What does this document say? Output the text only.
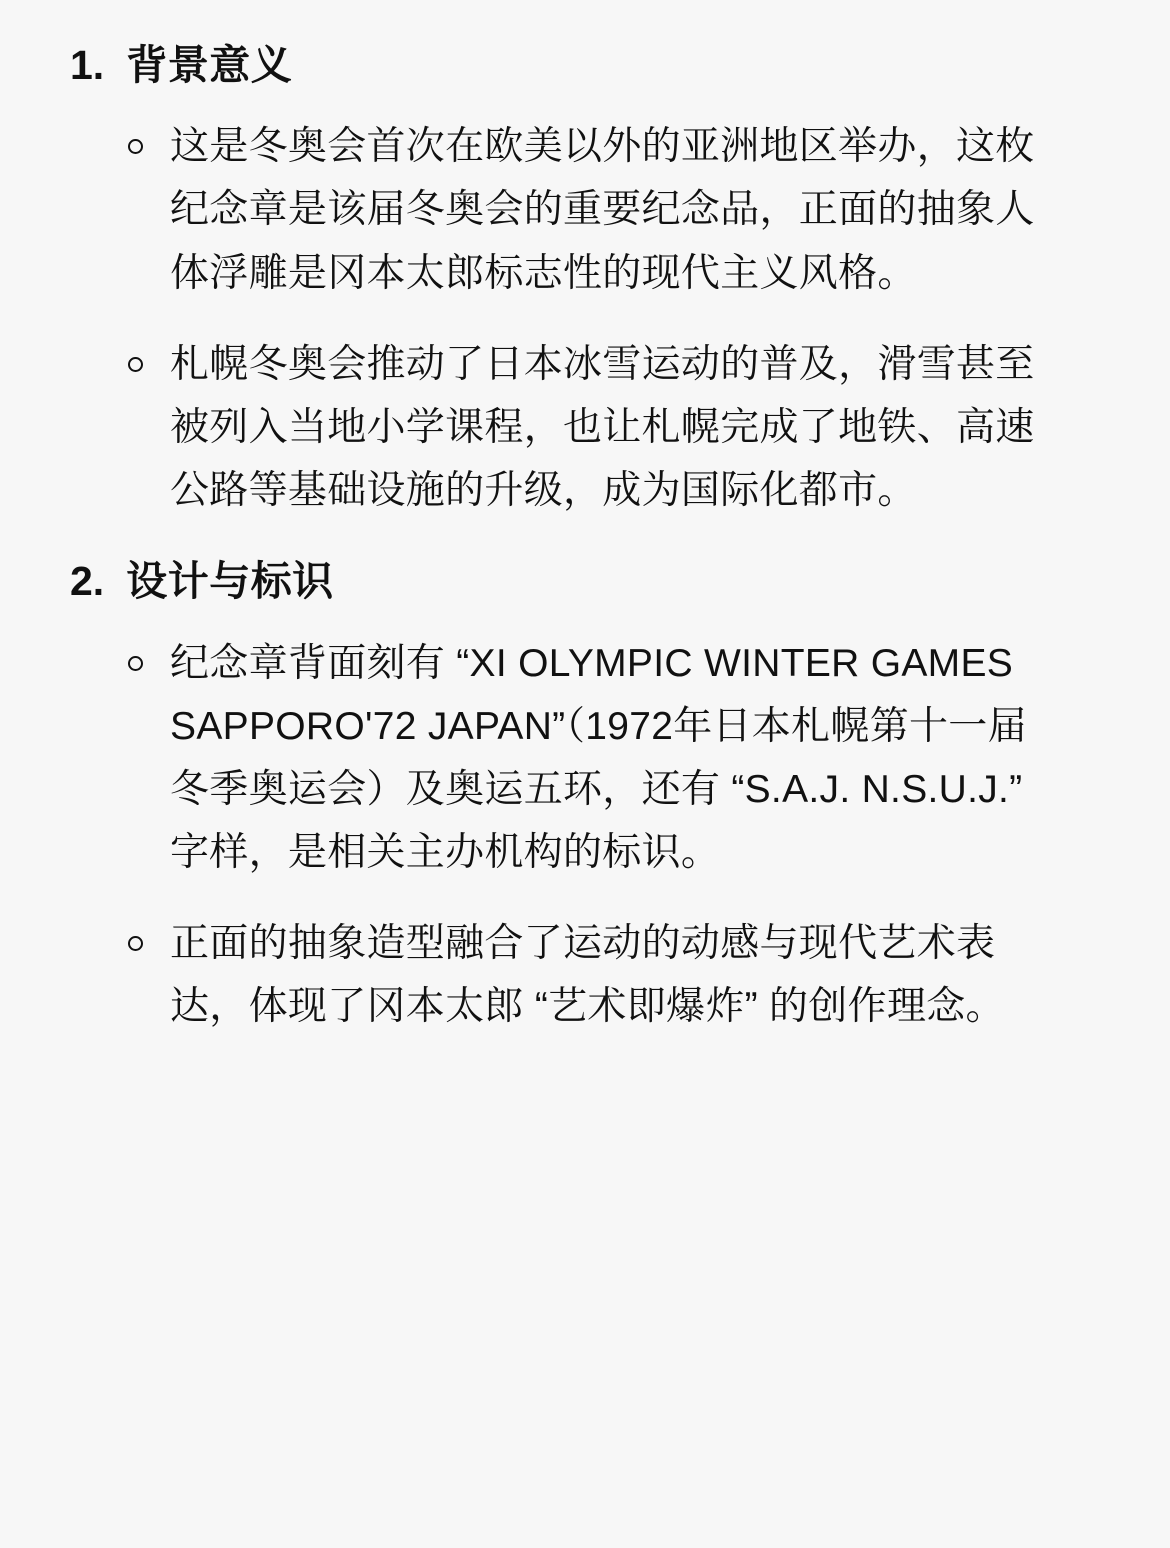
1. 背景意义
这是冬奥会首次在欧美以外的亚洲地区举办，这枚纪念章是该届冬奥会的重要纪念品，正面的抽象人体浮雕是冈本太郎标志性的现代主义风格。
札幌冬奥会推动了日本冰雪运动的普及，滑雪甚至被列入当地小学课程，也让札幌完成了地铁、高速公路等基础设施的升级，成为国际化都市。
2. 设计与标识
纪念章背面刻有 “XI OLYMPIC WINTER GAMES SAPPORO'72 JAPAN”（1972年日本札幌第十一届冬季奥运会）及奥运五环，还有 “S.A.J. N.S.U.J.” 字样，是相关主办机构的标识。
正面的抽象造型融合了运动的动感与现代艺术表达，体现了冈本太郎 “艺术即爆炸” 的创作理念。
